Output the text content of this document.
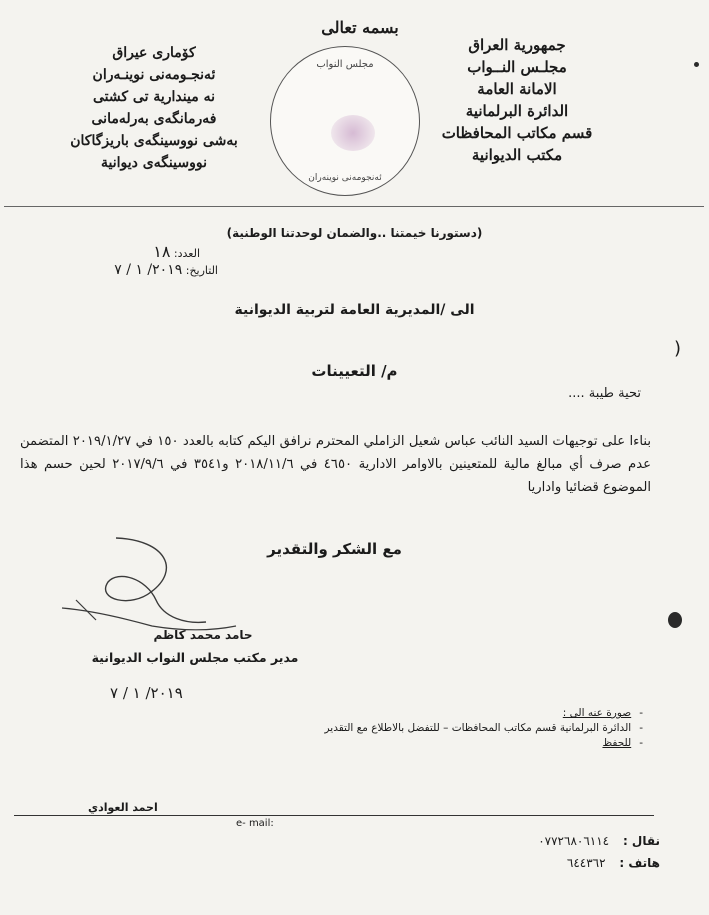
بسمه تعالى
جمهورية العراق
مجلـس النــواب
الامانة العامة
الدائرة البرلمانية
قسم مكاتب المحافظات
مكتب الديوانية
كۆماری عیراق
ئەنجـومەنی نوینـەران
نه میندارية تی كشتی
فەرمانگەی بەرلەمانی
بەشی نووسینگەی باریزگاکان
نووسینگەی دیوانیة
مجلس النواب
ئەنجومەنی نوینەران
(دستورنا خيمتنا ..والضمان لوحدتنا الوطنية)
العدد: ١٨
التاريخ: ٢٠١٩/ ١ / ٧
الى /المديرية العامة لتربية الديوانية
م/ التعيينات
(
تحية طيبة ....
بناءا على توجيهات السيد النائب عباس شعيل الزاملي المحترم نرافق اليكم كتابه بالعدد ١٥٠ في ٢٠١٩/١/٢٧ المتضمن عدم صرف أي مبالغ مالية للمتعينين بالاوامر الادارية ٤٦٥٠ في ٢٠١٨/١١/٦ و٣٥٤١ في ٢٠١٧/٩/٦ لحين حسم هذا الموضوع قضائيا واداريا
مع الشكر والتقدير
حامد محمد كاظم
مدير مكتب مجلس النواب الديوانية
٢٠١٩/ ١ / ٧
-صورة عنه الى :
-الدائرة البرلمانية قسم مكاتب المحافظات – للتفضل بالاطلاع مع التقدير
-للحفظ
احمد العوادي
e- mail:
نقال : ٠٧٧٢٦٨٠٦١١٤
هاتف : ٦٤٤٣٦٢
